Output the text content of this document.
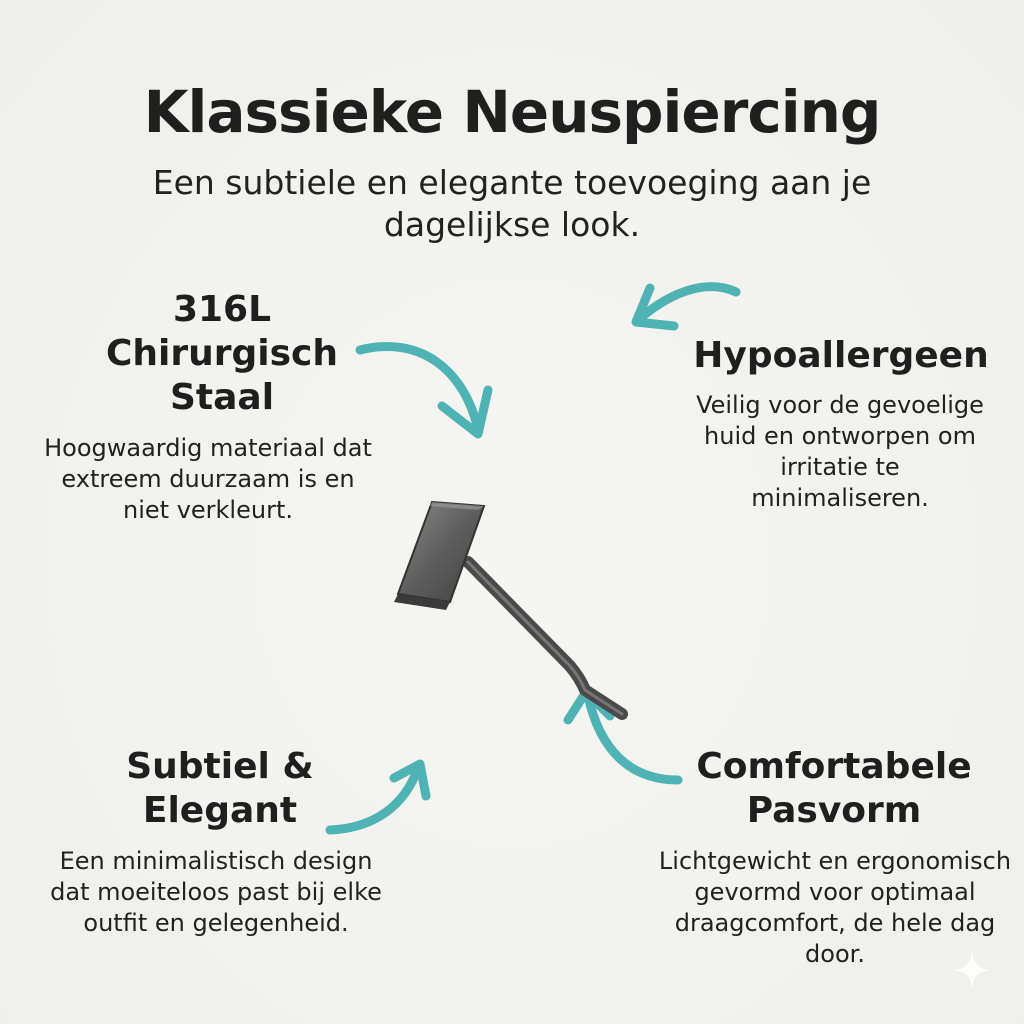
Klassieke Neuspiercing

Een subtiele en elegante toevoeging aan je dagelijkse look.

316L Chirurgisch Staal

Hoogwaardig materiaal dat extreem duurzaam is en niet verkleurt.

Hypoallergeen

Veilig voor de gevoelige huid en ontworpen om irritatie te minimaliseren.

Subtiel & Elegant

Een minimalistisch design dat moeiteloos past bij elke outfit en gelegenheid.

Comfortabele Pasvorm

Lichtgewicht en ergonomisch gevormd voor optimaal draagcomfort, de hele dag door.
